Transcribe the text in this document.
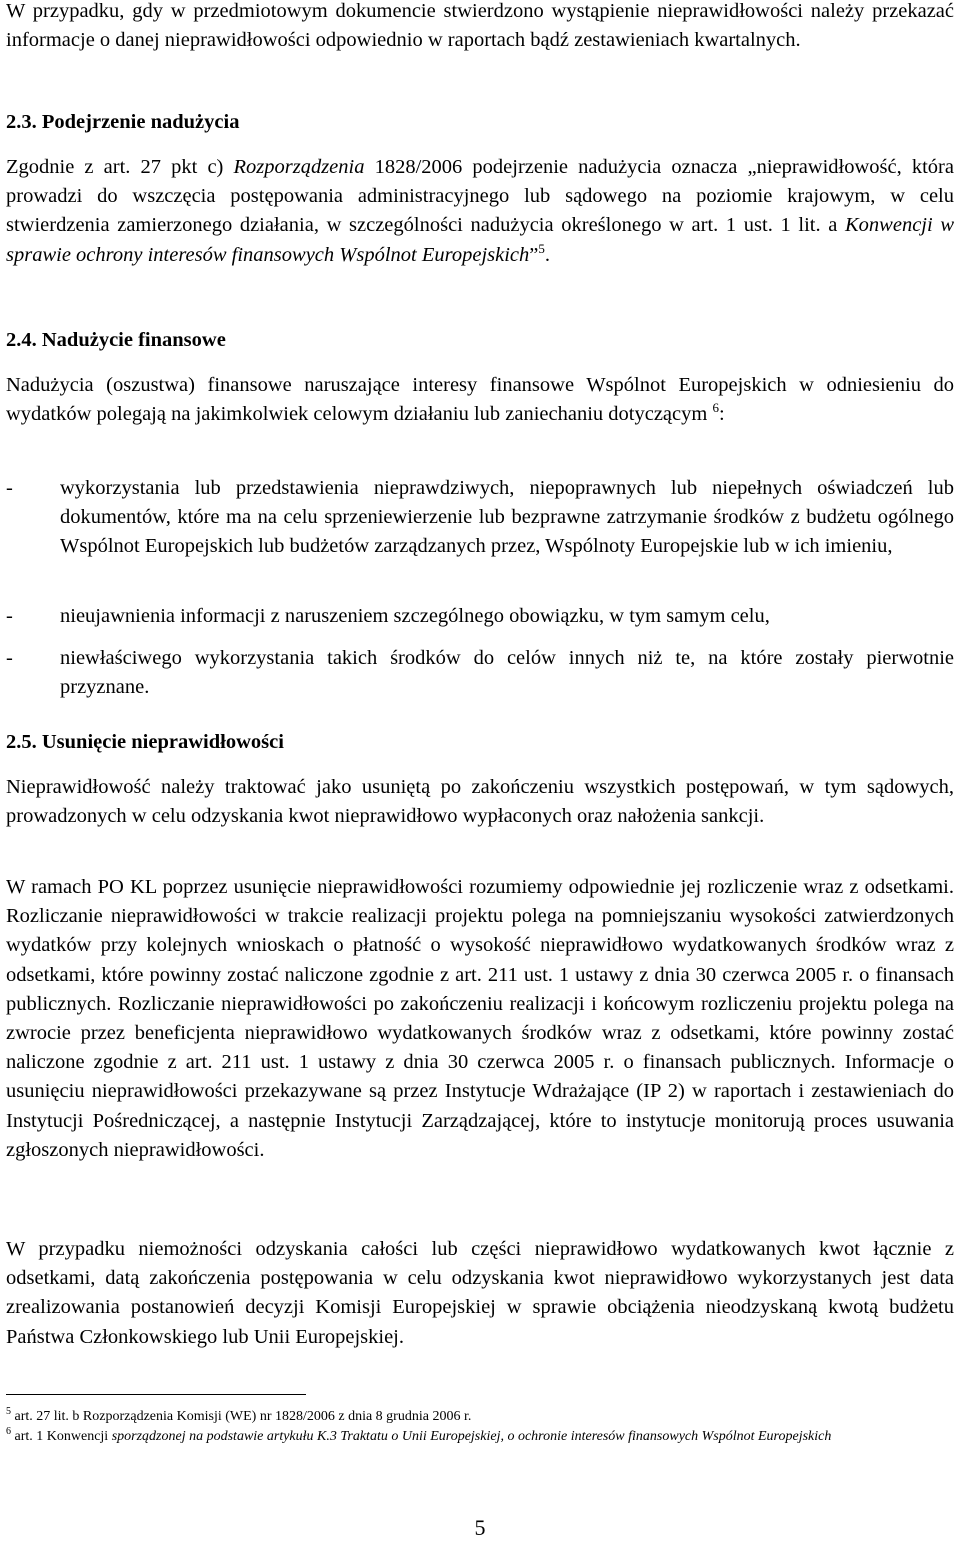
W przypadku, gdy w przedmiotowym dokumencie stwierdzono wystąpienie nieprawidłowości należy przekazać informacje o danej nieprawidłowości odpowiednio w raportach bądź zestawieniach kwartalnych.

2.3. Podejrzenie nadużycia

Zgodnie z art. 27 pkt c) Rozporządzenia 1828/2006 podejrzenie nadużycia oznacza „nieprawidłowość, która prowadzi do wszczęcia postępowania administracyjnego lub sądowego na poziomie krajowym, w celu stwierdzenia zamierzonego działania, w szczególności nadużycia określonego w art. 1 ust. 1 lit. a Konwencji w sprawie ochrony interesów finansowych Wspólnot Europejskich”$^5$.

2.4. Nadużycie finansowe

Nadużycia (oszustwa) finansowe naruszające interesy finansowe Wspólnot Europejskich w odniesieniu do wydatków polegają na jakimkolwiek celowym działaniu lub zaniechaniu dotyczącym $^6$:

- wykorzystania lub przedstawienia nieprawdziwych, niepoprawnych lub niepełnych oświadczeń lub dokumentów, które ma na celu sprzeniewierzenie lub bezprawne zatrzymanie środków z budżetu ogólnego Wspólnot Europejskich lub budżetów zarządzanych przez, Wspólnoty Europejskie lub w ich imieniu,
- nieujawnienia informacji z naruszeniem szczególnego obowiązku, w tym samym celu,
- niewłaściwego wykorzystania takich środków do celów innych niż te, na które zostały pierwotnie przyznane.
2.5. Usunięcie nieprawidłowości

Nieprawidłowość należy traktować jako usuniętą po zakończeniu wszystkich postępowań, w tym sądowych, prowadzonych w celu odzyskania kwot nieprawidłowo wypłaconych oraz nałożenia sankcji.

W ramach PO KL poprzez usunięcie nieprawidłowości rozumiemy odpowiednie jej rozliczenie wraz z odsetkami. Rozliczanie nieprawidłowości w trakcie realizacji projektu polega na pomniejszaniu wysokości zatwierdzonych wydatków przy kolejnych wnioskach o płatność o wysokość nieprawidłowo wydatkowanych środków wraz z odsetkami, które powinny zostać naliczone zgodnie z art. 211 ust. 1 ustawy z dnia 30 czerwca 2005 r. o finansach publicznych. Rozliczanie nieprawidłowości po zakończeniu realizacji i końcowym rozliczeniu projektu polega na zwrocie przez beneficjenta nieprawidłowo wydatkowanych środków wraz z odsetkami, które powinny zostać naliczone zgodnie z art. 211 ust. 1 ustawy z dnia 30 czerwca 2005 r. o finansach publicznych. Informacje o usunięciu nieprawidłowości przekazywane są przez Instytucje Wdrażające (IP 2) w raportach i zestawieniach do Instytucji Pośredniczącej, a następnie Instytucji Zarządzającej, które to instytucje monitorują proces usuwania zgłoszonych nieprawidłowości.

W przypadku niemożności odzyskania całości lub części nieprawidłowo wydatkowanych kwot łącznie z odsetkami, datą zakończenia postępowania w celu odzyskania kwot nieprawidłowo wykorzystanych jest data zrealizowania postanowień decyzji Komisji Europejskiej w sprawie obciążenia nieodzyskaną kwotą budżetu Państwa Członkowskiego lub Unii Europejskiej.

$^5$ art. 27 lit. b Rozporządzenia Komisji (WE) nr 1828/2006 z dnia 8 grudnia 2006 r.
$^6$ art. 1 Konwencji sporządzonej na podstawie artykułu K.3 Traktatu o Unii Europejskiej, o ochronie interesów finansowych Wspólnot Europejskich
5
